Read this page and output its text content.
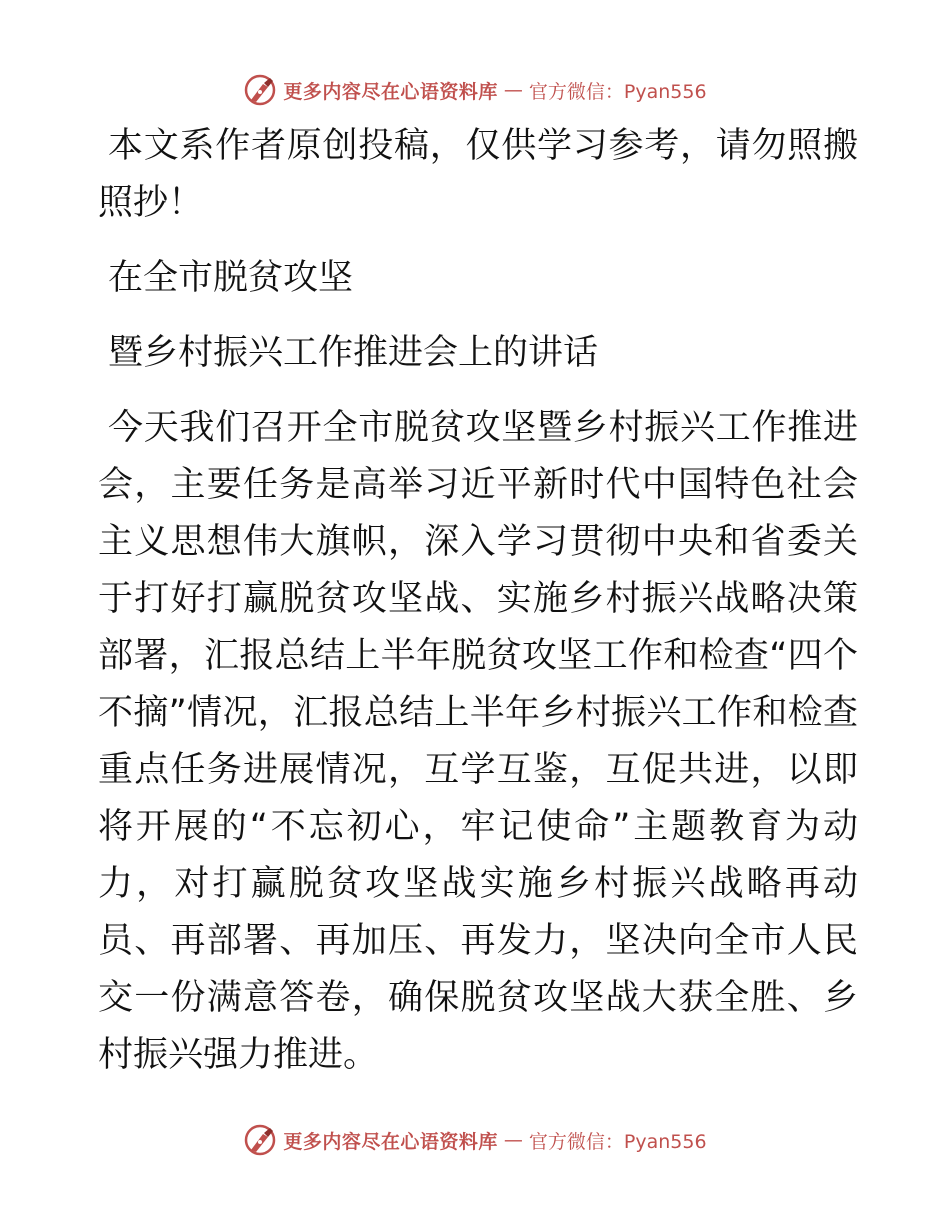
更多内容尽在心语资料库 — 官方微信：Pyan556

本文系作者原创投稿，仅供学习参考，请勿照搬照抄！

在全市脱贫攻坚

暨乡村振兴工作推进会上的讲话

今天我们召开全市脱贫攻坚暨乡村振兴工作推进会，主要任务是高举习近平新时代中国特色社会主义思想伟大旗帜，深入学习贯彻中央和省委关于打好打赢脱贫攻坚战、实施乡村振兴战略决策部署，汇报总结上半年脱贫攻坚工作和检查“四个不摘”情况，汇报总结上半年乡村振兴工作和检查重点任务进展情况，互学互鉴，互促共进，以即将开展的“不忘初心，牢记使命”主题教育为动力，对打赢脱贫攻坚战实施乡村振兴战略再动员、再部署、再加压、再发力，坚决向全市人民交一份满意答卷，确保脱贫攻坚战大获全胜、乡村振兴强力推进。

更多内容尽在心语资料库 — 官方微信：Pyan556
